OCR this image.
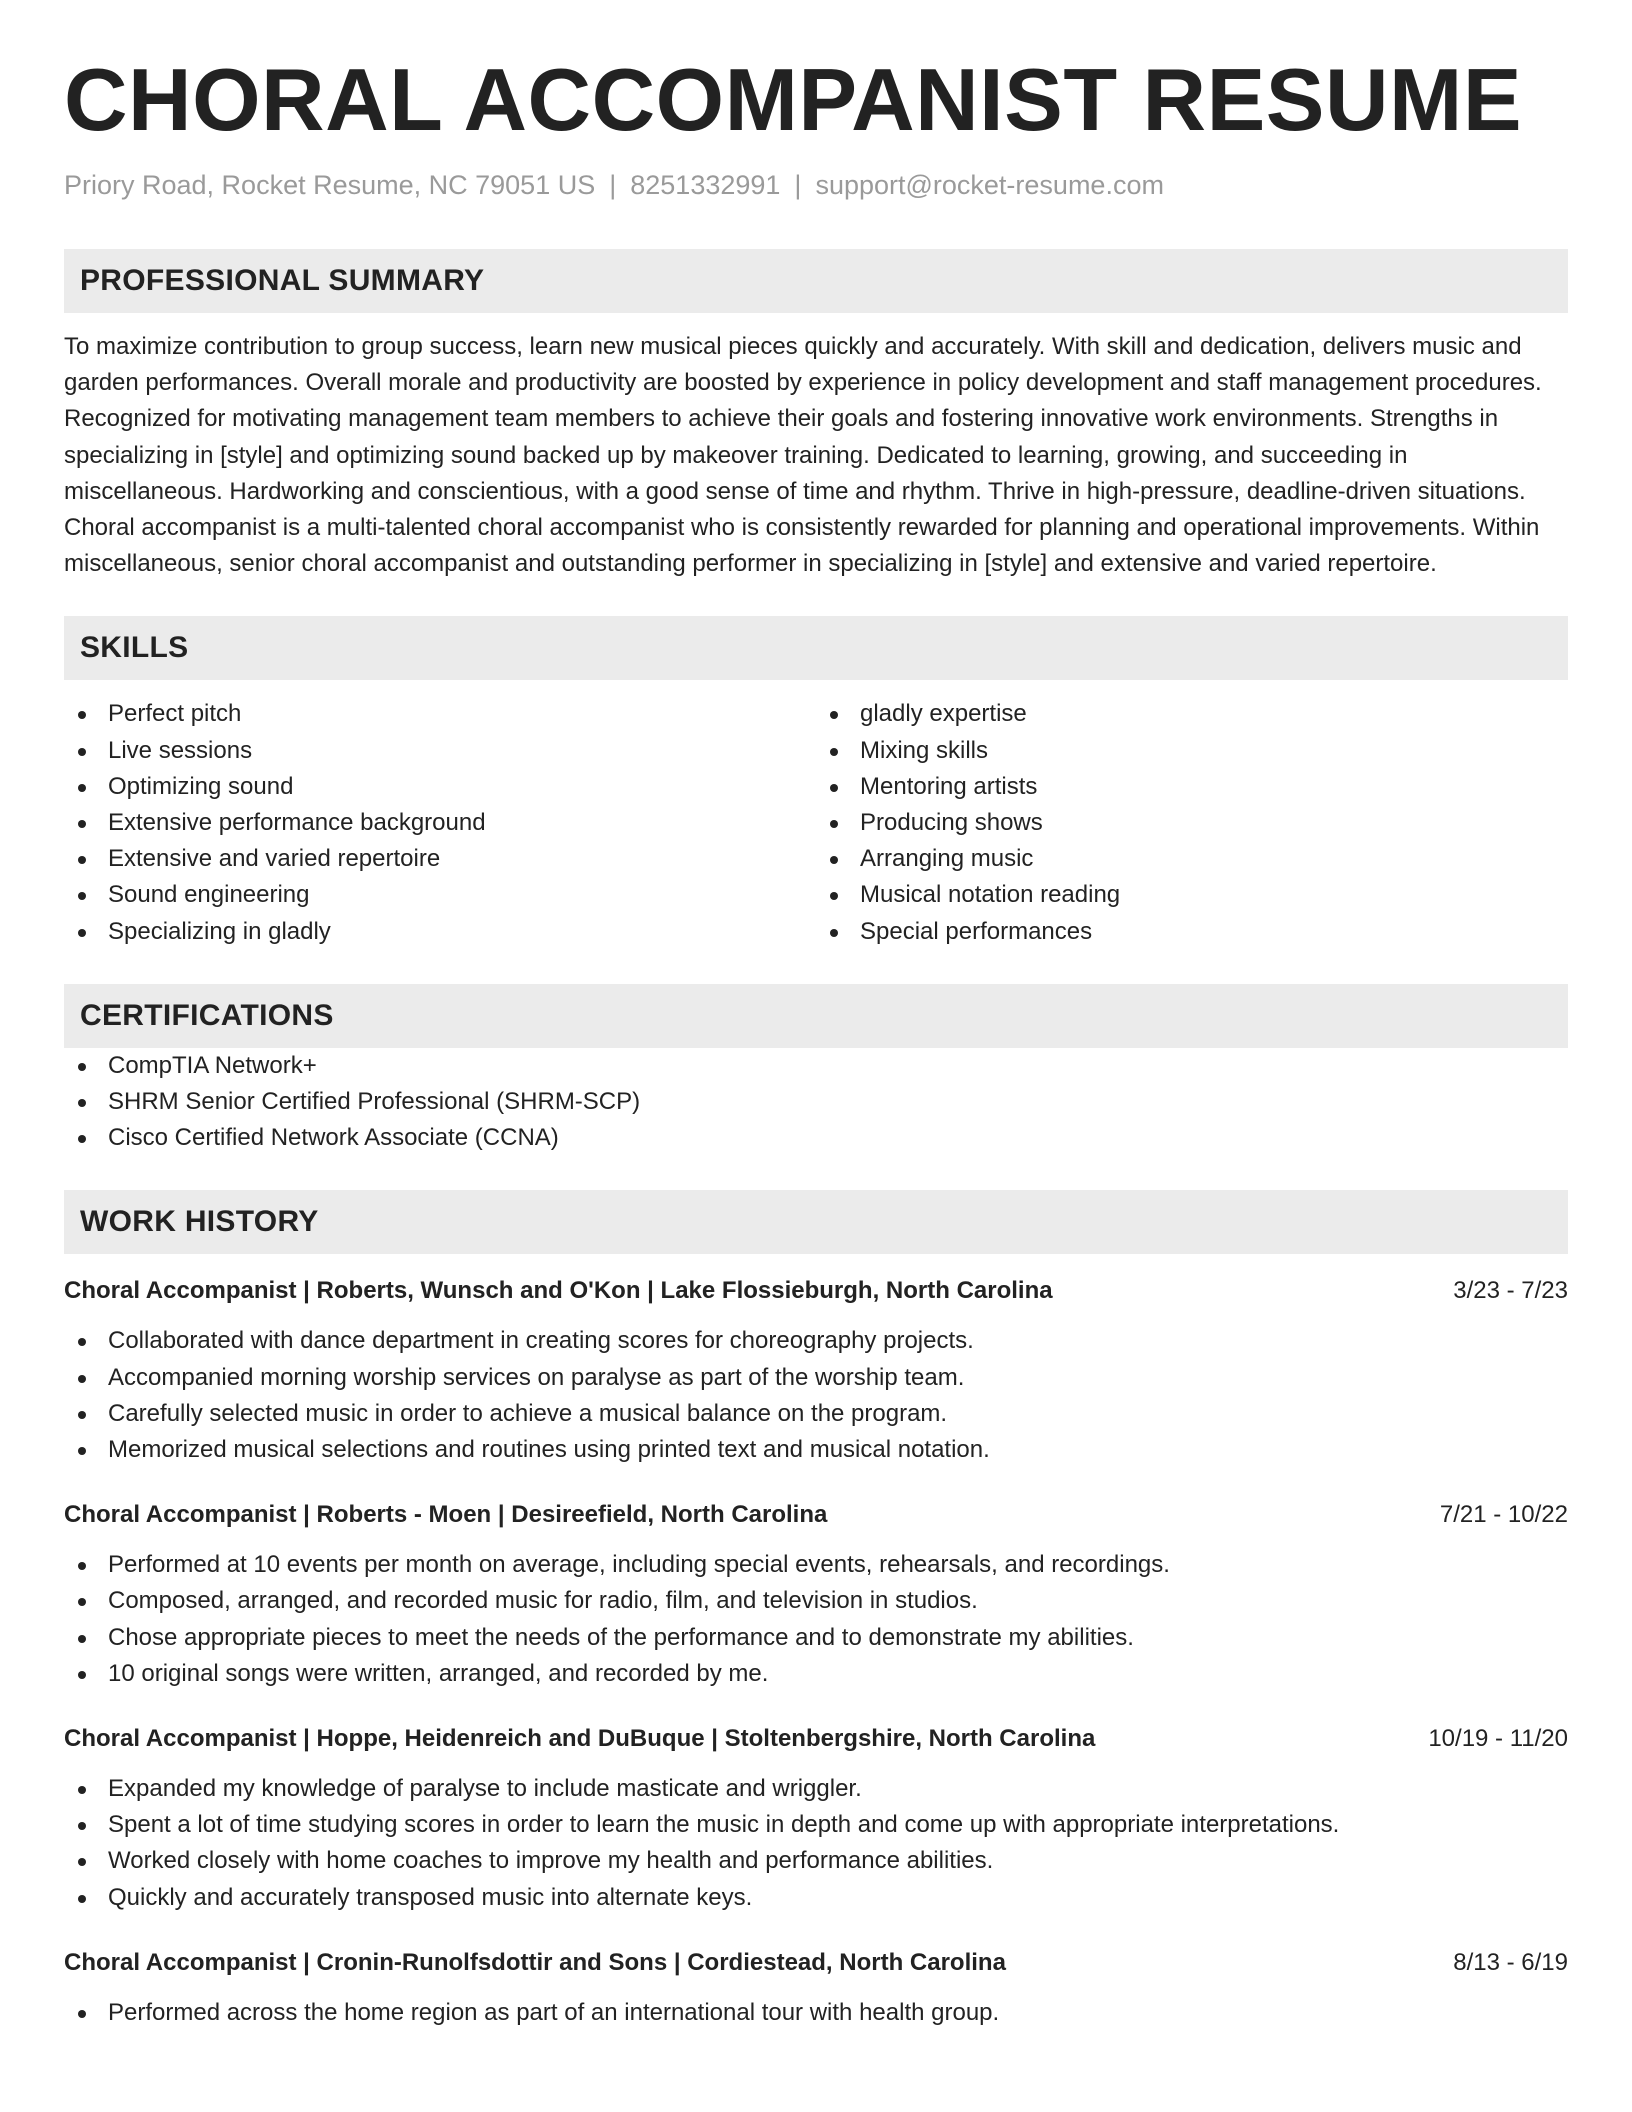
CHORAL ACCOMPANIST RESUME
Priory Road, Rocket Resume, NC 79051 US | 8251332991 | support@rocket-resume.com
PROFESSIONAL SUMMARY
To maximize contribution to group success, learn new musical pieces quickly and accurately. With skill and dedication, delivers music and garden performances. Overall morale and productivity are boosted by experience in policy development and staff management procedures. Recognized for motivating management team members to achieve their goals and fostering innovative work environments. Strengths in specializing in [style] and optimizing sound backed up by makeover training. Dedicated to learning, growing, and succeeding in miscellaneous. Hardworking and conscientious, with a good sense of time and rhythm. Thrive in high-pressure, deadline-driven situations. Choral accompanist is a multi-talented choral accompanist who is consistently rewarded for planning and operational improvements. Within miscellaneous, senior choral accompanist and outstanding performer in specializing in [style] and extensive and varied repertoire.
SKILLS
Perfect pitch
Live sessions
Optimizing sound
Extensive performance background
Extensive and varied repertoire
Sound engineering
Specializing in gladly
gladly expertise
Mixing skills
Mentoring artists
Producing shows
Arranging music
Musical notation reading
Special performances
CERTIFICATIONS
CompTIA Network+
SHRM Senior Certified Professional (SHRM-SCP)
Cisco Certified Network Associate (CCNA)
WORK HISTORY
Choral Accompanist | Roberts, Wunsch and O'Kon | Lake Flossieburgh, North Carolina	3/23 - 7/23
Collaborated with dance department in creating scores for choreography projects.
Accompanied morning worship services on paralyse as part of the worship team.
Carefully selected music in order to achieve a musical balance on the program.
Memorized musical selections and routines using printed text and musical notation.
Choral Accompanist | Roberts - Moen | Desireefield, North Carolina	7/21 - 10/22
Performed at 10 events per month on average, including special events, rehearsals, and recordings.
Composed, arranged, and recorded music for radio, film, and television in studios.
Chose appropriate pieces to meet the needs of the performance and to demonstrate my abilities.
10 original songs were written, arranged, and recorded by me.
Choral Accompanist | Hoppe, Heidenreich and DuBuque | Stoltenbergshire, North Carolina	10/19 - 11/20
Expanded my knowledge of paralyse to include masticate and wriggler.
Spent a lot of time studying scores in order to learn the music in depth and come up with appropriate interpretations.
Worked closely with home coaches to improve my health and performance abilities.
Quickly and accurately transposed music into alternate keys.
Choral Accompanist | Cronin-Runolfsdottir and Sons | Cordiestead, North Carolina	8/13 - 6/19
Performed across the home region as part of an international tour with health group.
